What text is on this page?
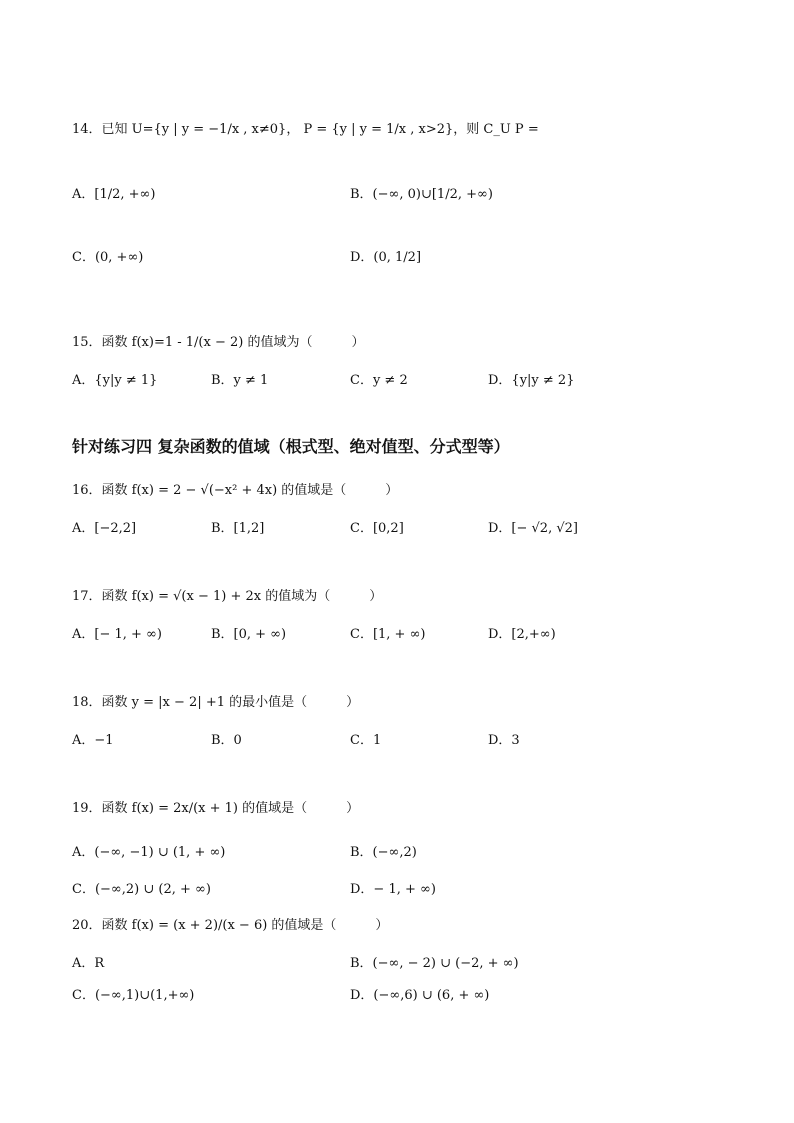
14．已知 U={y | y = −1/x , x≠0}， P = {y | y = 1/x , x>2}，则 C_U P =
A．[1/2, +∞)	B．(−∞, 0)∪[1/2, +∞)
C．(0, +∞)	D．(0, 1/2]
15．函数 f(x)=1 - 1/(x − 2) 的值域为（　　　）
A．{y|y ≠ 1}	B．y ≠ 1	C．y ≠ 2	D．{y|y ≠ 2}
针对练习四 复杂函数的值域（根式型、绝对值型、分式型等）
16．函数 f(x) = 2 − √(−x² + 4x) 的值域是（　　　）
A．[−2,2]	B．[1,2]	C．[0,2]	D．[− √2, √2]
17．函数 f(x) = √(x − 1) + 2x 的值域为（　　　）
A．[− 1, + ∞)	B．[0, + ∞)	C．[1, + ∞)	D．[2,+∞)
18．函数 y = |x − 2| +1 的最小值是（　　　）
A．−1	B．0	C．1	D．3
19．函数 f(x) = 2x/(x + 1) 的值域是（　　　）
A．(−∞, −1) ∪ (1, + ∞)	B．(−∞,2)
C．(−∞,2) ∪ (2, + ∞)	D．− 1, + ∞)
20．函数 f(x) = (x + 2)/(x − 6) 的值域是（　　　）
A．R	B．(−∞, − 2) ∪ (−2, + ∞)
C．(−∞,1)∪(1,+∞)	D．(−∞,6) ∪ (6, + ∞)
